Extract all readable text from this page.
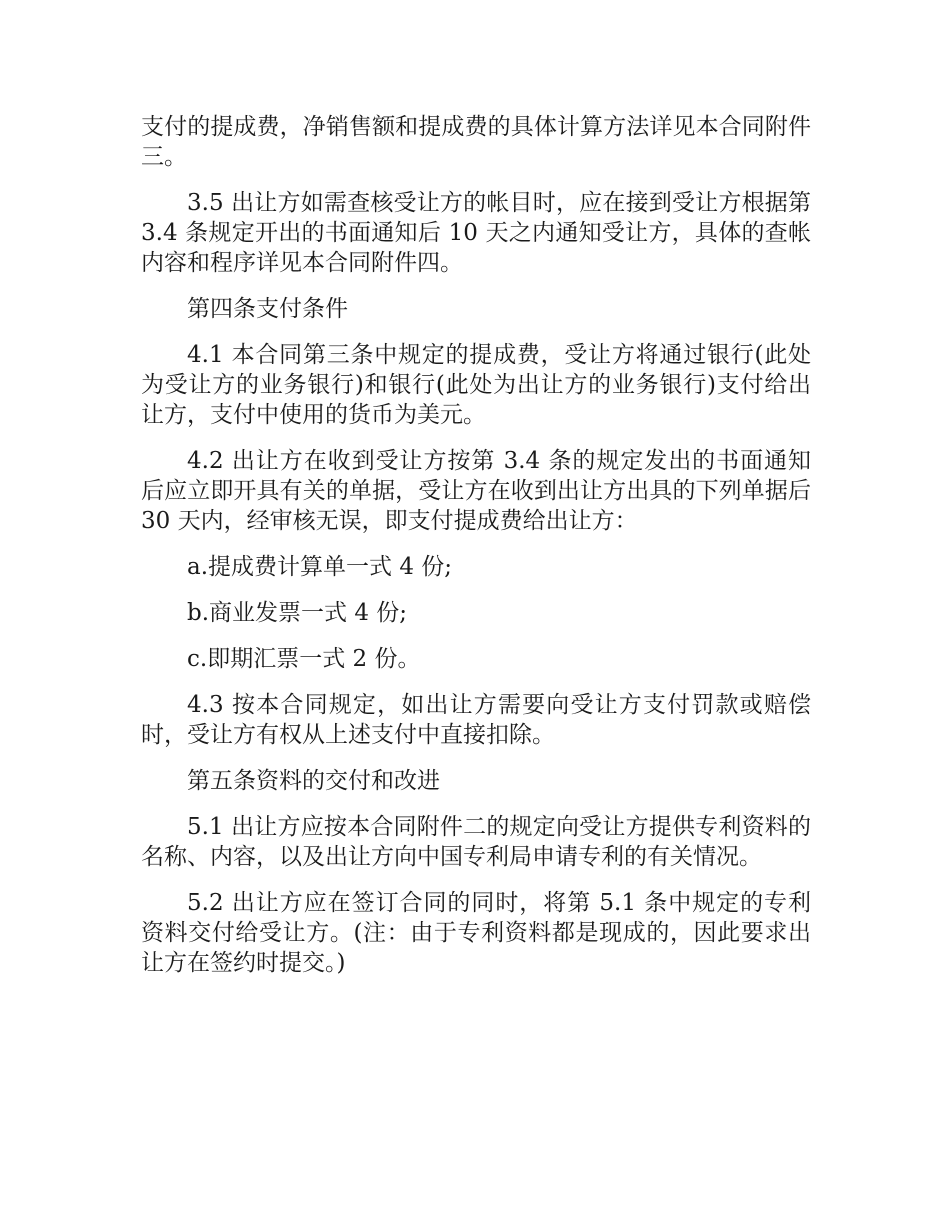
支付的提成费，净销售额和提成费的具体计算方法详见本合同附件三。

3.5 出让方如需查核受让方的帐目时，应在接到受让方根据第 3.4 条规定开出的书面通知后 10 天之内通知受让方，具体的查帐内容和程序详见本合同附件四。

第四条支付条件

4.1 本合同第三条中规定的提成费，受让方将通过银行(此处为受让方的业务银行)和银行(此处为出让方的业务银行)支付给出让方，支付中使用的货币为美元。

4.2 出让方在收到受让方按第 3.4 条的规定发出的书面通知后应立即开具有关的单据，受让方在收到出让方出具的下列单据后 30 天内，经审核无误，即支付提成费给出让方：

a.提成费计算单一式 4 份;

b.商业发票一式 4 份;

c.即期汇票一式 2 份。

4.3 按本合同规定，如出让方需要向受让方支付罚款或赔偿时，受让方有权从上述支付中直接扣除。

第五条资料的交付和改进

5.1 出让方应按本合同附件二的规定向受让方提供专利资料的名称、内容，以及出让方向中国专利局申请专利的有关情况。

5.2 出让方应在签订合同的同时，将第 5.1 条中规定的专利资料交付给受让方。(注：由于专利资料都是现成的，因此要求出让方在签约时提交。)
